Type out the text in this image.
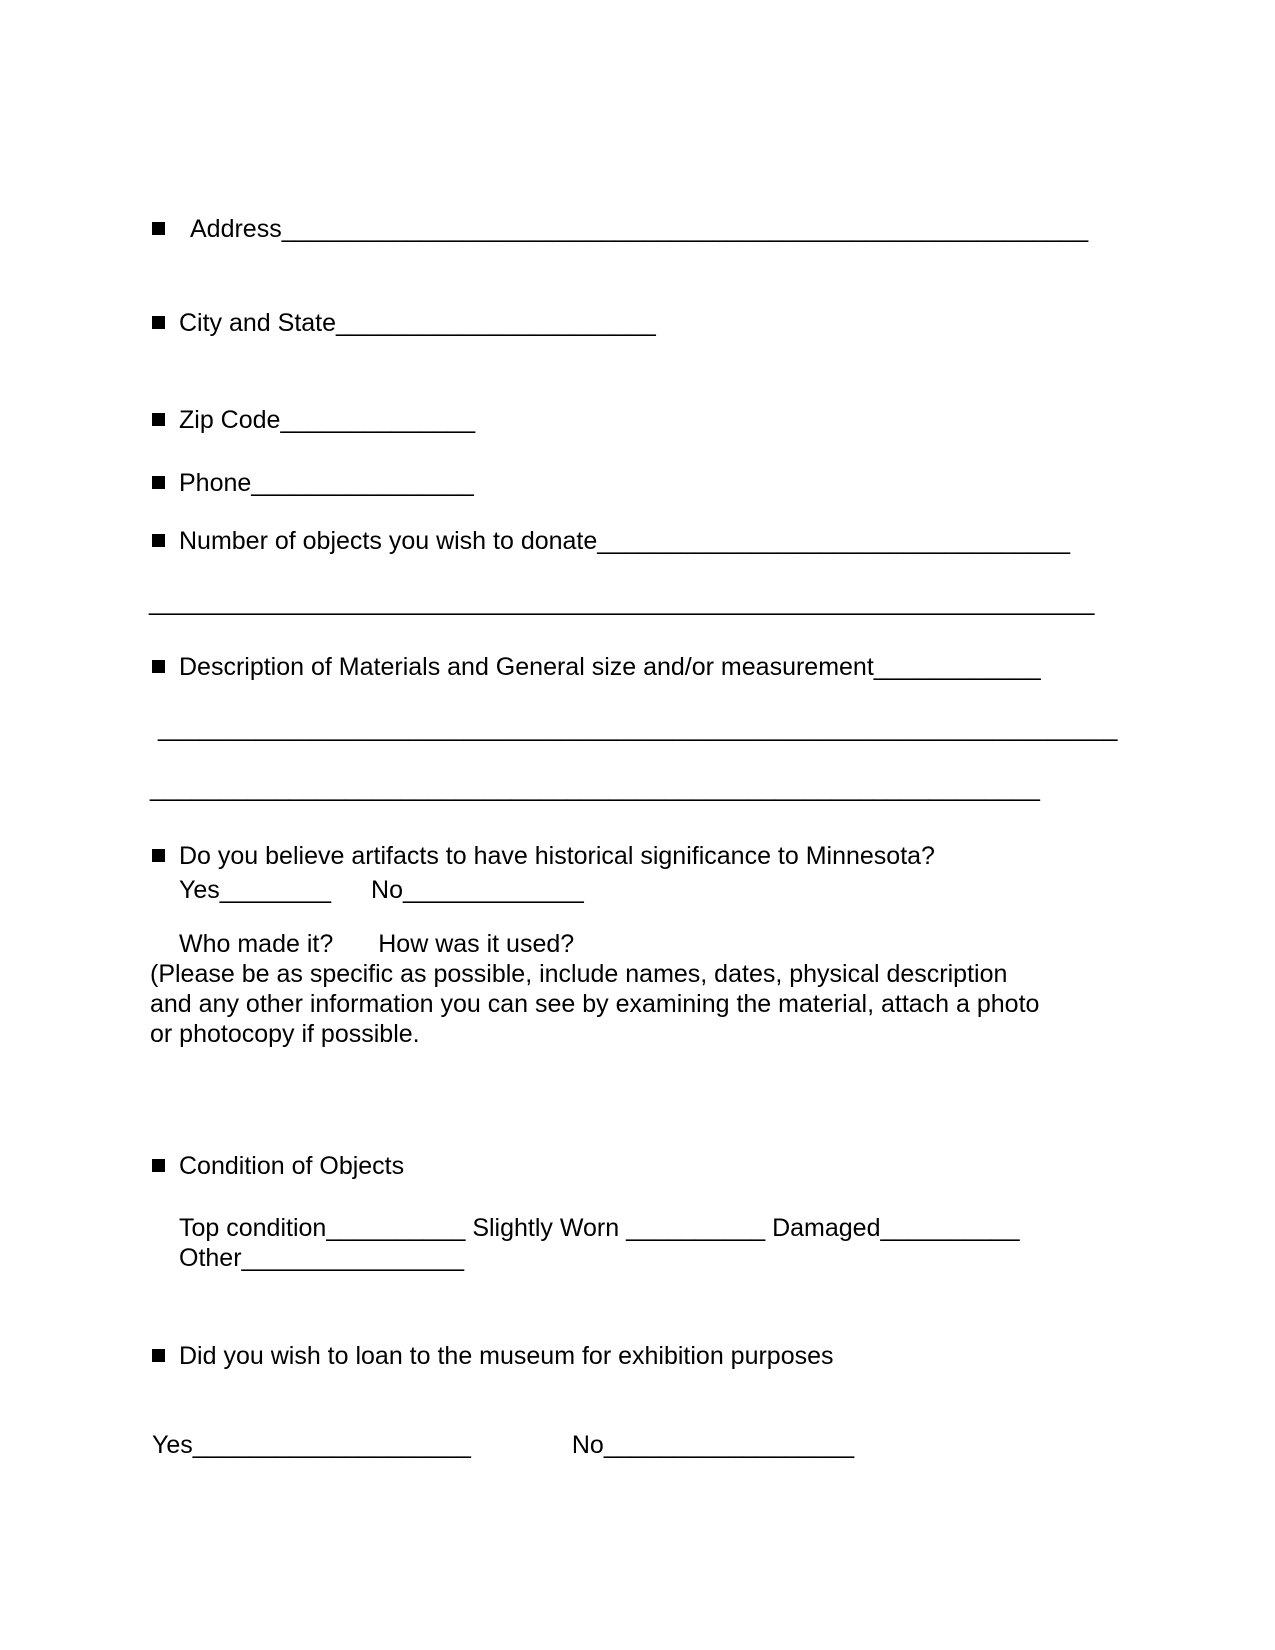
Address__________________________________________________________
City and State_______________________
Zip Code______________
Phone________________
Number of objects you wish to donate__________________________________
____________________________________________________________________
Description of Materials and General size and/or measurement____________
_____________________________________________________________________
________________________________________________________________
Do you believe artifacts to have historical significance to Minnesota?
Yes________ No_____________
Who made it? How was it used?
(Please be as specific as possible, include names, dates, physical description
and any other information you can see by examining the material, attach a photo
or photocopy if possible.
Condition of Objects
Top condition__________ Slightly Worn __________ Damaged__________
Other________________
Did you wish to loan to the museum for exhibition purposes
Yes____________________	No__________________
